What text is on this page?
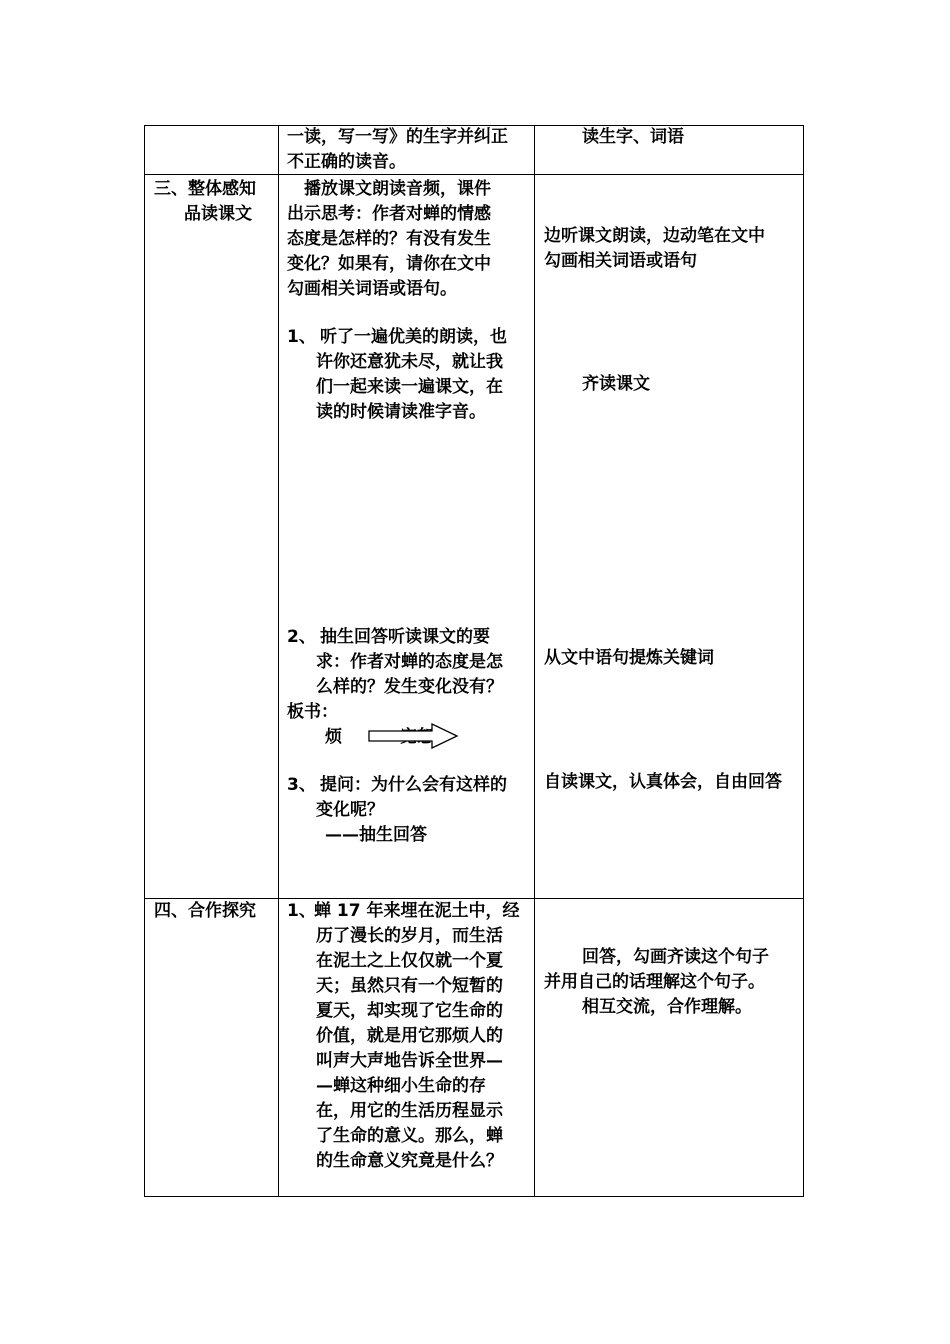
一读，写一写》的生字并纠正
不正确的读音。
读生字、词语
三、整体感知
品读课文
播放课文朗读音频，课件
出示思考：作者对蝉的情感
态度是怎样的？有没有发生
变化？如果有，请你在文中
勾画相关词语或语句。
1、 听了一遍优美的朗读，也
许你还意犹未尽，就让我
们一起来读一遍课文，在
读的时候请读准字音。
2、 抽生回答听读课文的要
求：作者对蝉的态度是怎
么样的？发生变化没有？
板书：
烦
3、 提问：为什么会有这样的
变化呢？
——抽生回答
边听课文朗读，边动笔在文中
勾画相关词语或语句
齐读课文
从文中语句提炼关键词
自读课文，认真体会，自由回答
四、合作探究 1、
蝉 17 年来埋在泥土中，经
历了漫长的岁月，而生活
在泥土之上仅仅就一个夏
天；虽然只有一个短暂的
夏天，却实现了它生命的
价值，就是用它那烦人的
叫声大声地告诉全世界—
—蝉这种细小生命的存
在，用它的生活历程显示
了生命的意义。那么，蝉
的生命意义究竟是什么？
回答，勾画齐读这个句子
并用自己的话理解这个句子。
相互交流，合作理解。
